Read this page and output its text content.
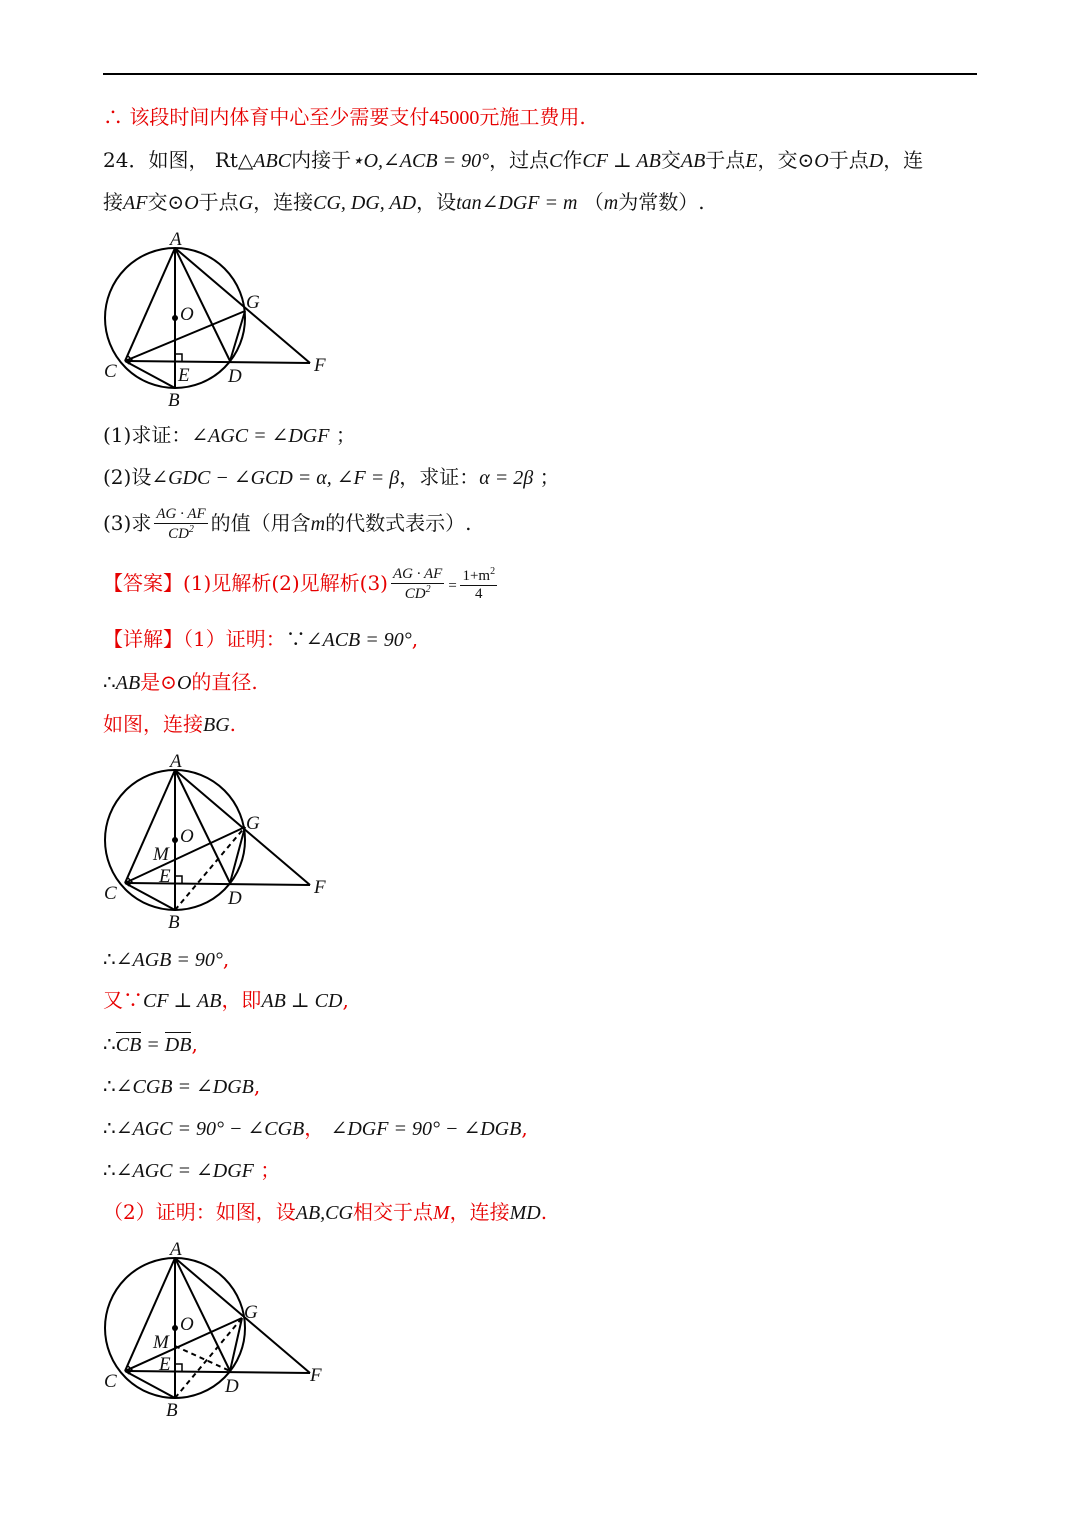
∴ 该段时间内体育中心至少需要支付45000元施工费用.
24．如图， Rt△ABC内接于⋆O,∠ACB = 90°，过点C作CF ⊥ AB交AB于点E，交⊙O于点D，连
接AF交⊙O于点G，连接CG, DG, AD，设tan∠DGF = m （m为常数）.
A
G
O
C	E D
F
B
(1)求证：∠AGC = ∠DGF ；
(2)设∠GDC − ∠GCD = α, ∠F = β，求证：α = 2β ；
(3)求 $\frac{AG \cdot AF}{CD^2}$ 的值（用含m的代数式表示）.
【答案】(1)见解析(2)见解析$(3) \frac{AG \cdot AF}{CD^2} = \frac{1+m^2}{4}$
【详解】（1）证明：∵∠ACB = 90°,
∴AB是⊙O的直径.
如图，连接BG.
A
G
O
M
C
E
D
F
B
∴∠AGB = 90°,
又∵CF ⊥ AB，即AB ⊥ CD,
∴CB = DB,
∴∠CGB = ∠DGB,
∴∠AGC = 90° − ∠CGB， ∠DGF = 90° − ∠DGB,
∴∠AGC = ∠DGF ；
（2）证明：如图，设AB,CG相交于点M，连接MD.
A
G
O
M
C
E
D
F
B
